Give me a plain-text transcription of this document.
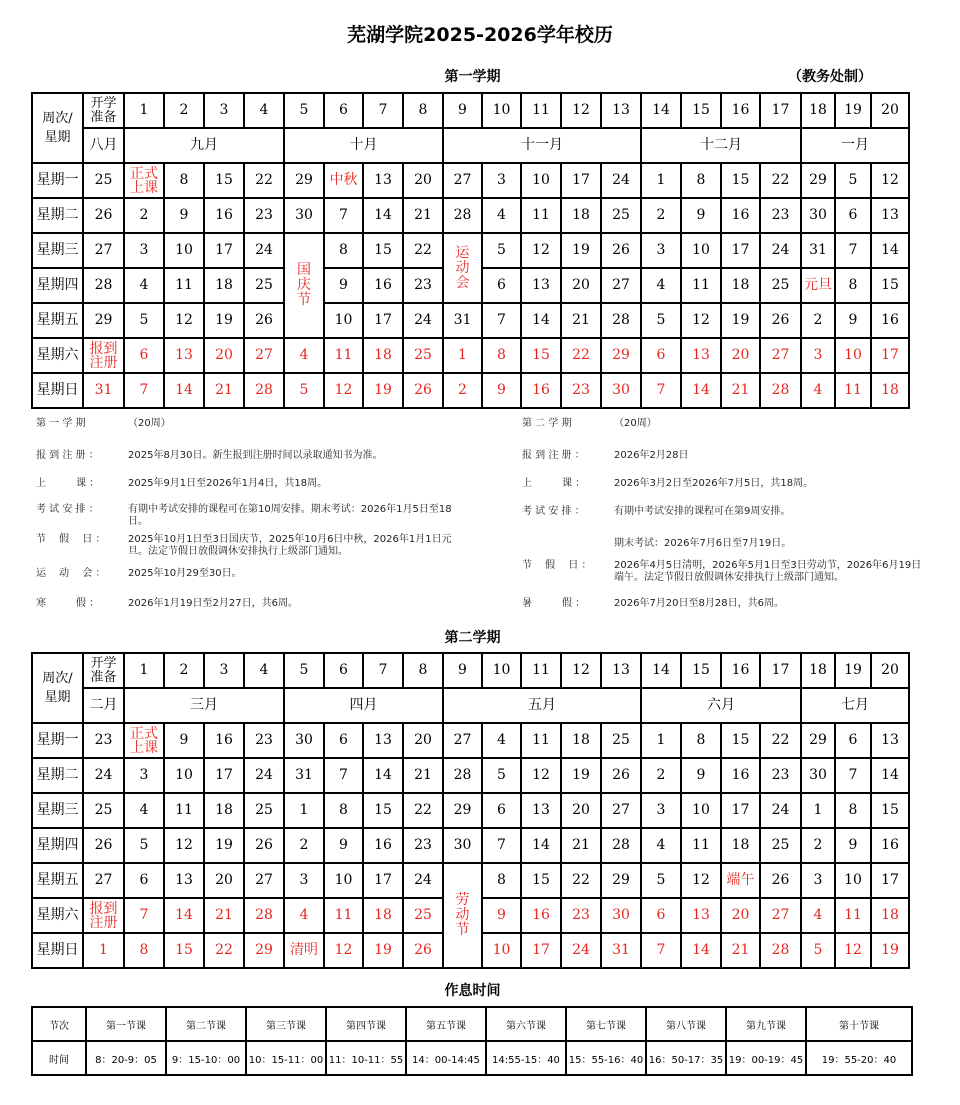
芜湖学院2025-2026学年校历
第一学期	（教务处制）
周次/
星期	开学
准备	1	2	3	4	5	6	7	8	9	10	11	12	13	14	15	16	17	18	19	20
	八月	九月				十月				十一月					十二月				一月		
星期一	25	正式
上课	8	15	22	29	中秋	13	20	27	3	10	17	24	1	8	15	22	29	5	12
星期二	26	2	9	16	23	30	7	14	21	28	4	11	18	25	2	9	16	23	30	6	13
星期三	27	3	10	17	24	国
庆
节	8	15	22	运
动
会	5	12	19	26	3	10	17	24	31	7	14
星期四	28	4	11	18	25		9	16	23		6	13	20	27	4	11	18	25	元旦	8	15
星期五	29	5	12	19	26		10	17	24	31	7	14	21	28	5	12	19	26	2	9	16
星期六	报到
注册	6	13	20	27	4	11	18	25	1	8	15	22	29	6	13	20	27	3	10	17
星期日	31	7	14	21	28	5	12	19	26	2	9	16	23	30	7	14	21	28	4	11	18
第 一 学 期	（20周）
报 到 注 册 ：	2025年8月30日。新生报到注册时间以录取通知书为准。
上　　　课 ：	2025年9月1日至2026年1月4日，共18周。
考 试 安 排 ：	有期中考试安排的课程可在第10周安排。期末考试：2026年1月5日至18日。
节　 假　 日 ：	2025年10月1日至3日国庆节，2025年10月6日中秋，2026年1月1日元旦。法定节假日放假调休安排执行上级部门通知。
运　 动　 会 ：	2025年10月29至30日。
寒　　　假 ：	2026年1月19日至2月27日，共6周。
第 二 学 期	（20周）
报 到 注 册 ：	2026年2月28日
上　　　课 ：	2026年3月2日至2026年7月5日，共18周。
考 试 安 排 ：	有期中考试安排的课程可在第9周安排。
期末考试：2026年7月6日至7月19日。
节　 假　 日 ：	2026年4月5日清明，2026年5月1日至3日劳动节，2026年6月19日端午。法定节假日放假调休安排执行上级部门通知。
暑　　　假 ：	2026年7月20日至8月28日，共6周。
第二学期
周次/
星期	开学
准备	1	2	3	4	5	6	7	8	9	10	11	12	13	14	15	16	17	18	19	20
	二月	三月				四月				五月					六月				七月		
星期一	23	正式
上课	9	16	23	30	6	13	20	27	4	11	18	25	1	8	15	22	29	6	13
星期二	24	3	10	17	24	31	7	14	21	28	5	12	19	26	2	9	16	23	30	7	14
星期三	25	4	11	18	25	1	8	15	22	29	6	13	20	27	3	10	17	24	1	8	15
星期四	26	5	12	19	26	2	9	16	23	30	7	14	21	28	4	11	18	25	2	9	16
星期五	27	6	13	20	27	3	10	17	24	劳
动
节	8	15	22	29	5	12	端午	26	3	10	17
星期六	报到
注册	7	14	21	28	4	11	18	25		9	16	23	30	6	13	20	27	4	11	18
星期日	1	8	15	22	29	清明	12	19	26		10	17	24	31	7	14	21	28	5	12	19
作息时间
节次	第一节课	第二节课	第三节课	第四节课	第五节课	第六节课	第七节课	第八节课	第九节课	第十节课
时间	8：20-9：05	9：15-10：00	10：15-11：00	11：10-11：55	14：00-14:45	14:55-15：40	15：55-16：40	16：50-17：35	19：00-19：45	19：55-20：40
